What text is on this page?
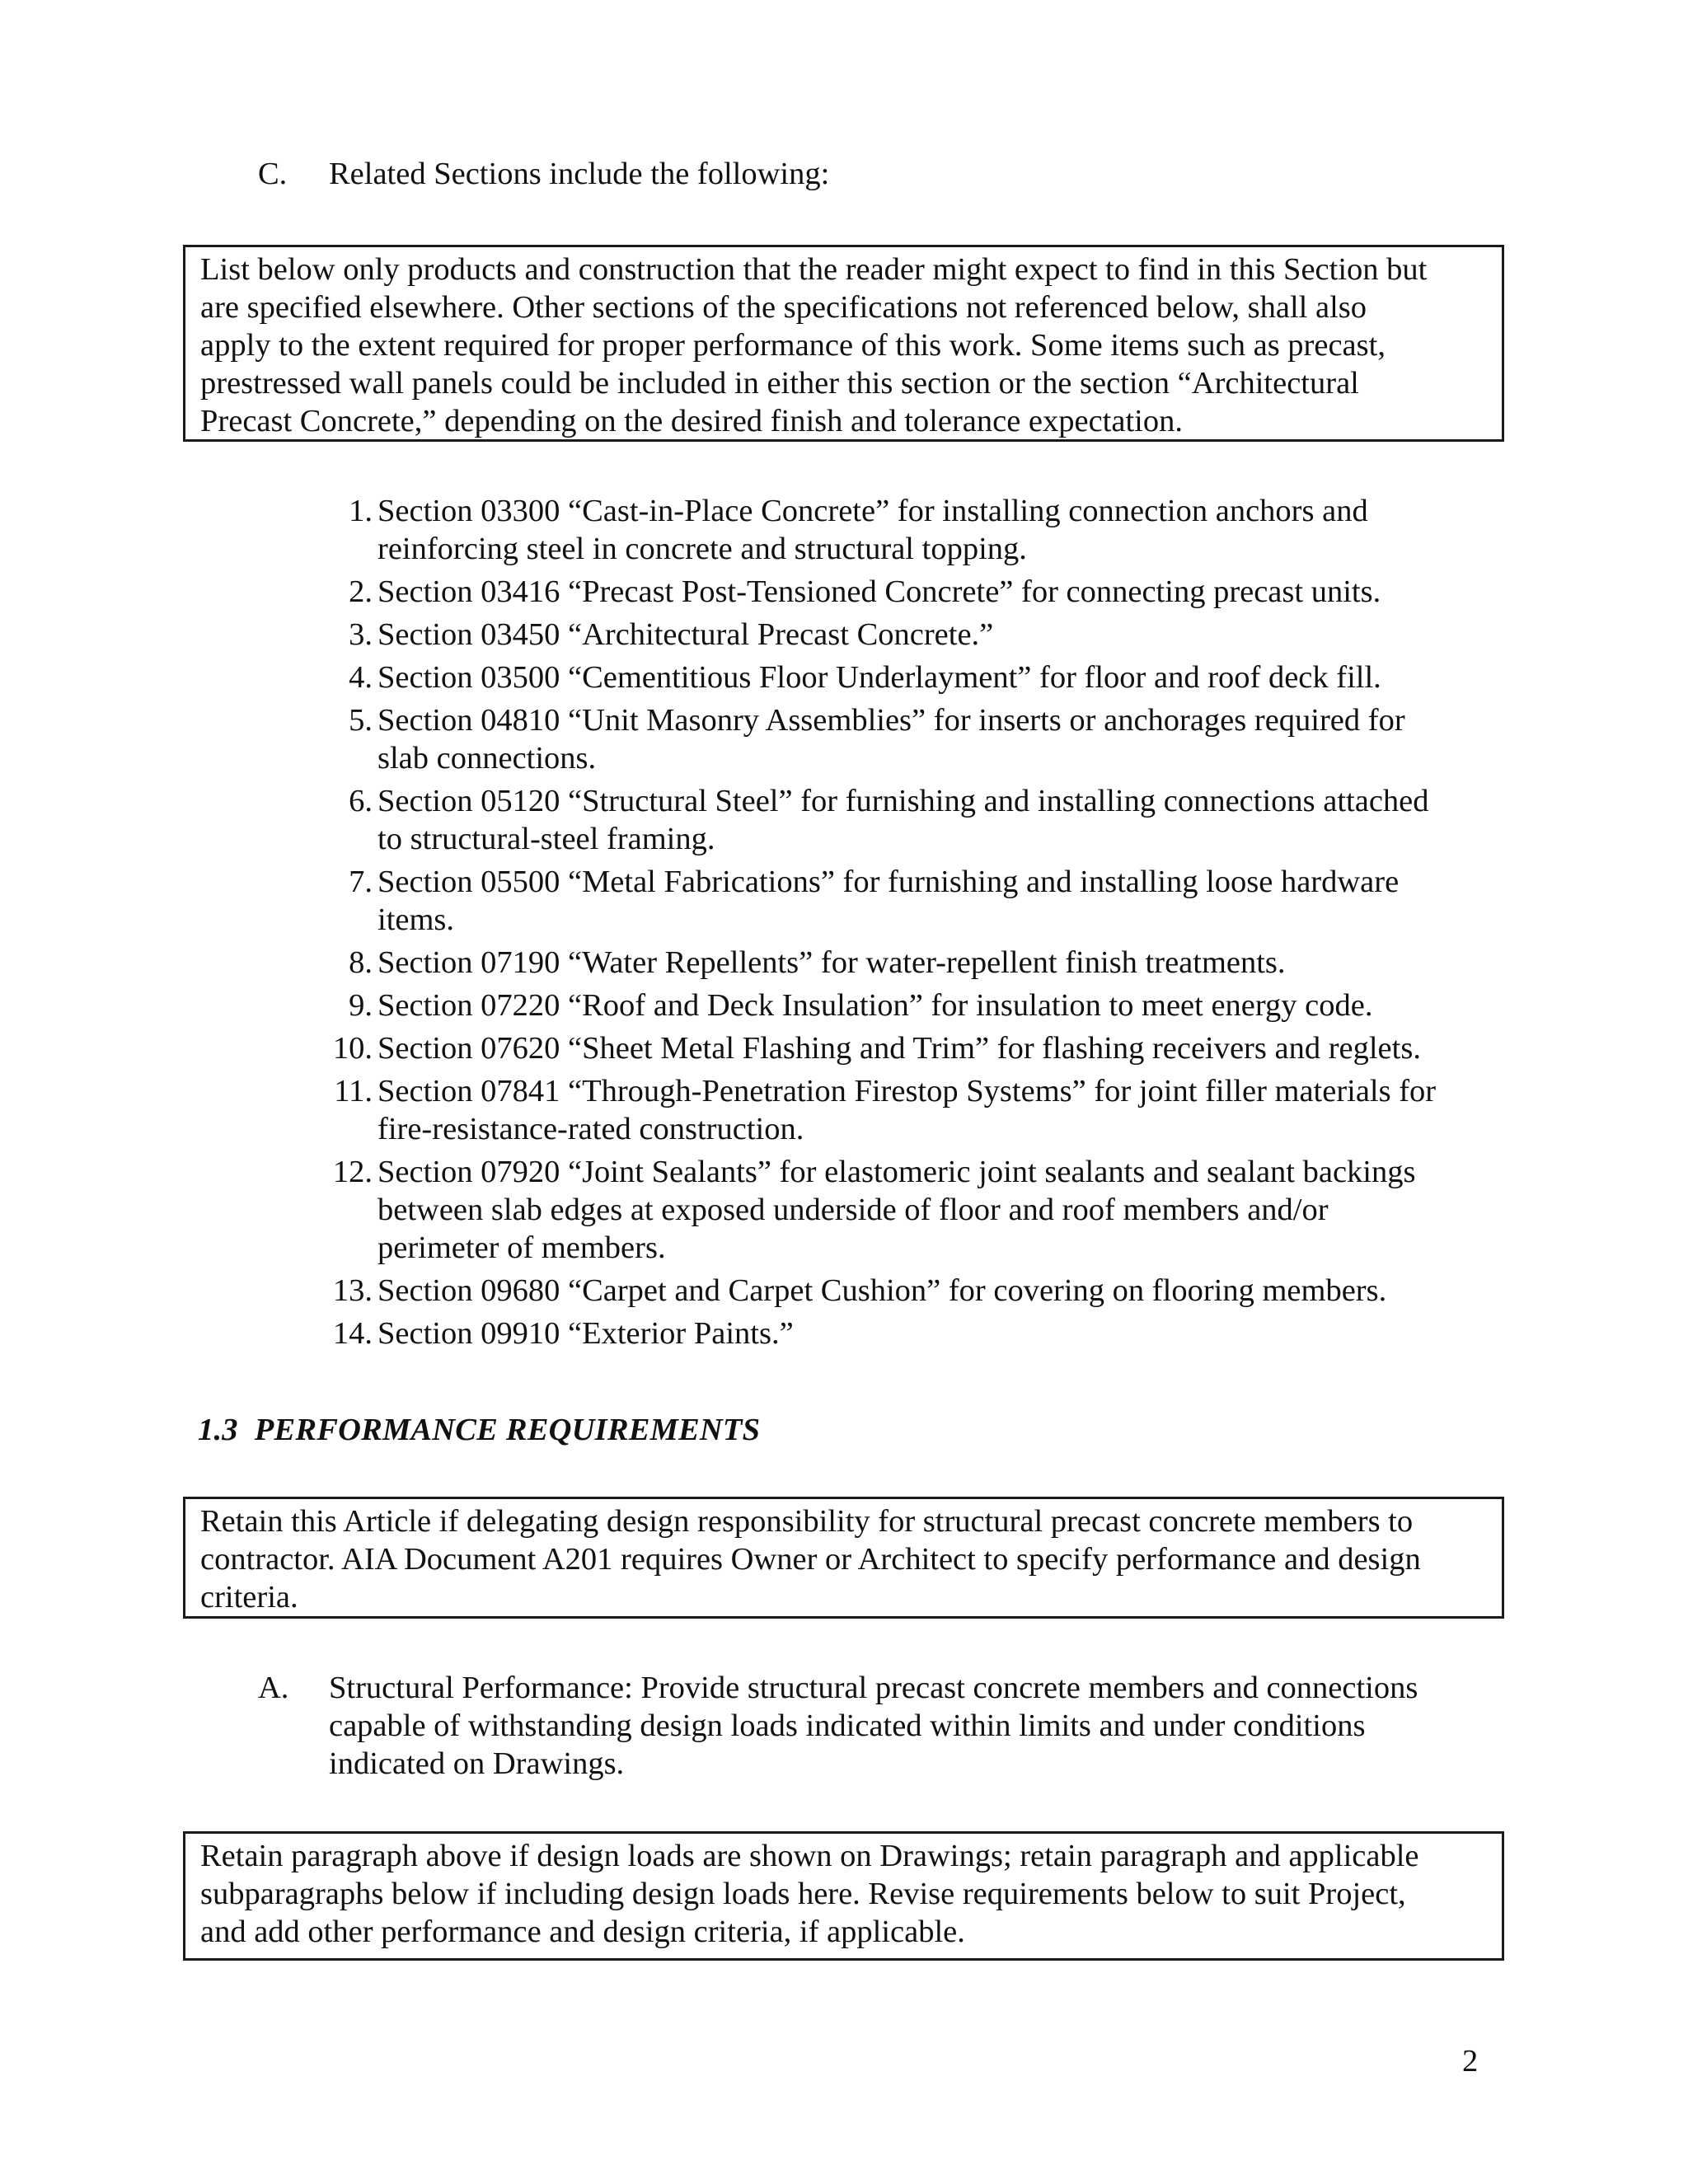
C. Related Sections include the following:
List below only products and construction that the reader might expect to find in this Section but
are specified elsewhere. Other sections of the specifications not referenced below, shall also
apply to the extent required for proper performance of this work. Some items such as precast,
prestressed wall panels could be included in either this section or the section “Architectural
Precast Concrete,” depending on the desired finish and tolerance expectation.
1. Section 03300 “Cast-in-Place Concrete” for installing connection anchors and
reinforcing steel in concrete and structural topping.
2. Section 03416 “Precast Post-Tensioned Concrete” for connecting precast units.
3. Section 03450 “Architectural Precast Concrete.”
4. Section 03500 “Cementitious Floor Underlayment” for floor and roof deck fill.
5. Section 04810 “Unit Masonry Assemblies” for inserts or anchorages required for
slab connections.
6. Section 05120 “Structural Steel” for furnishing and installing connections attached
to structural-steel framing.
7. Section 05500 “Metal Fabrications” for furnishing and installing loose hardware
items.
8. Section 07190 “Water Repellents” for water-repellent finish treatments.
9. Section 07220 “Roof and Deck Insulation” for insulation to meet energy code.
10. Section 07620 “Sheet Metal Flashing and Trim” for flashing receivers and reglets.
11. Section 07841 “Through-Penetration Firestop Systems” for joint filler materials for
fire-resistance-rated construction.
12. Section 07920 “Joint Sealants” for elastomeric joint sealants and sealant backings
between slab edges at exposed underside of floor and roof members and/or
perimeter of members.
13. Section 09680 “Carpet and Carpet Cushion” for covering on flooring members.
14. Section 09910 “Exterior Paints.”
1.3 PERFORMANCE REQUIREMENTS
Retain this Article if delegating design responsibility for structural precast concrete members to
contractor. AIA Document A201 requires Owner or Architect to specify performance and design
criteria.
A. Structural Performance: Provide structural precast concrete members and connections
capable of withstanding design loads indicated within limits and under conditions
indicated on Drawings.
Retain paragraph above if design loads are shown on Drawings; retain paragraph and applicable
subparagraphs below if including design loads here. Revise requirements below to suit Project,
and add other performance and design criteria, if applicable.
2
